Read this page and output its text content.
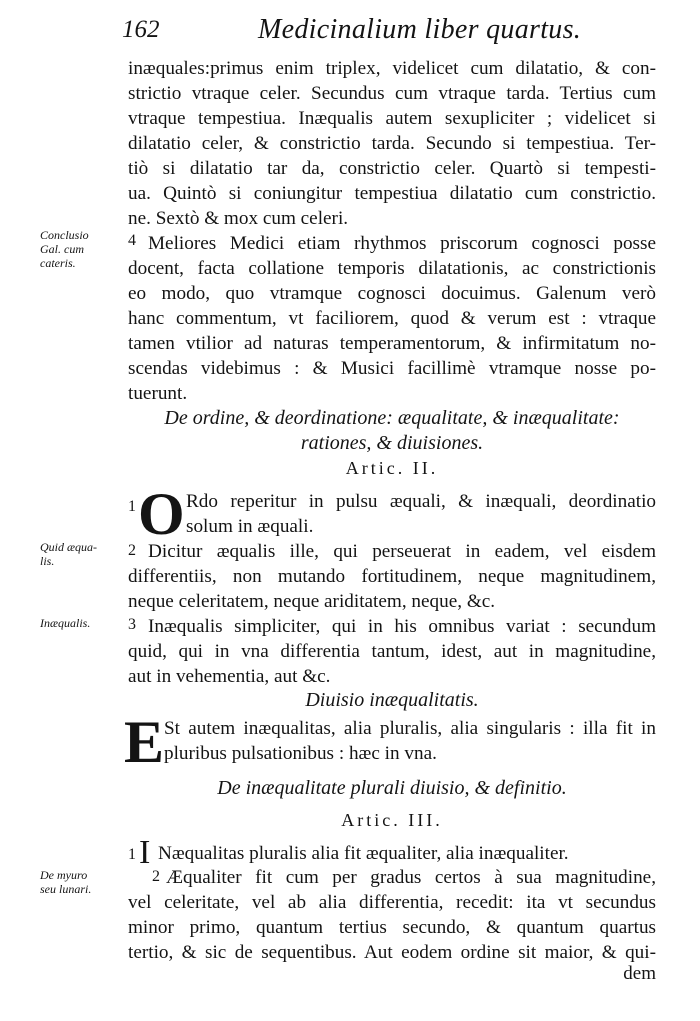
162	Medicinalium liber quartus.
inæquales:primus enim triplex, videlicet cum dilatatio, & con-
strictio vtraque celer. Secundus cum vtraque tarda. Tertius cum
vtraque tempestiua. Inæqualis autem sexupliciter ; videlicet si
dilatatio celer, & constrictio tarda. Secundo si tempestiua. Ter-
tiò si dilatatio tar da, constrictio celer. Quartò si tempesti-
ua. Quintò si coniungitur tempestiua dilatatio cum constrictio.
ne. Sextò & mox cum celeri.
Conclusio
Gal. cum
cateris.
4 Meliores Medici etiam rhythmos priscorum cognosci posse
docent, facta collatione temporis dilatationis, ac constrictionis
eo modo, quo vtramque cognosci docuimus. Galenum verò
hanc commentum, vt faciliorem, quod & verum est : vtraque
tamen vtilior ad naturas temperamentorum, & infirmitatum no-
scendas videbimus : & Musici facillimè vtramque nosse po-
tuerunt.
De ordine, & deordinatione: æqualitate, & inæqualitate:
rationes, & diuisiones.
Artic. II.
1 O Rdo reperitur in pulsu æquali, & inæquali, deordinatio
solum in æquali.
Quid æqua-
lis.
2 Dicitur æqualis ille, qui perseuerat in eadem, vel eisdem
differentiis, non mutando fortitudinem, neque magnitudinem,
neque celeritatem, neque ariditatem, neque, &c.
Inæqualis.	3 Inæqualis simpliciter, qui in his omnibus variat : secundum
quid, qui in vna differentia tantum, idest, aut in magnitudine,
aut in vehementia, aut &c.
Diuisio inæqualitatis.
E St autem inæqualitas, alia pluralis, alia singularis : illa fit in
pluribus pulsationibus : hæc in vna.
De inæqualitate plurali diuisio, & definitio.
Artic. III.
1 I Næqualitas pluralis alia fit æqualiter, alia inæqualiter.
De myuro
seu lunari.
2 Æqualiter fit cum per gradus certos à sua magnitudine,
vel celeritate, vel ab alia differentia, recedit: ita vt secundus
minor primo, quantum tertius secundo, & quantum quartus
tertio, & sic de sequentibus. Aut eodem ordine sit maior, & qui-
dem
